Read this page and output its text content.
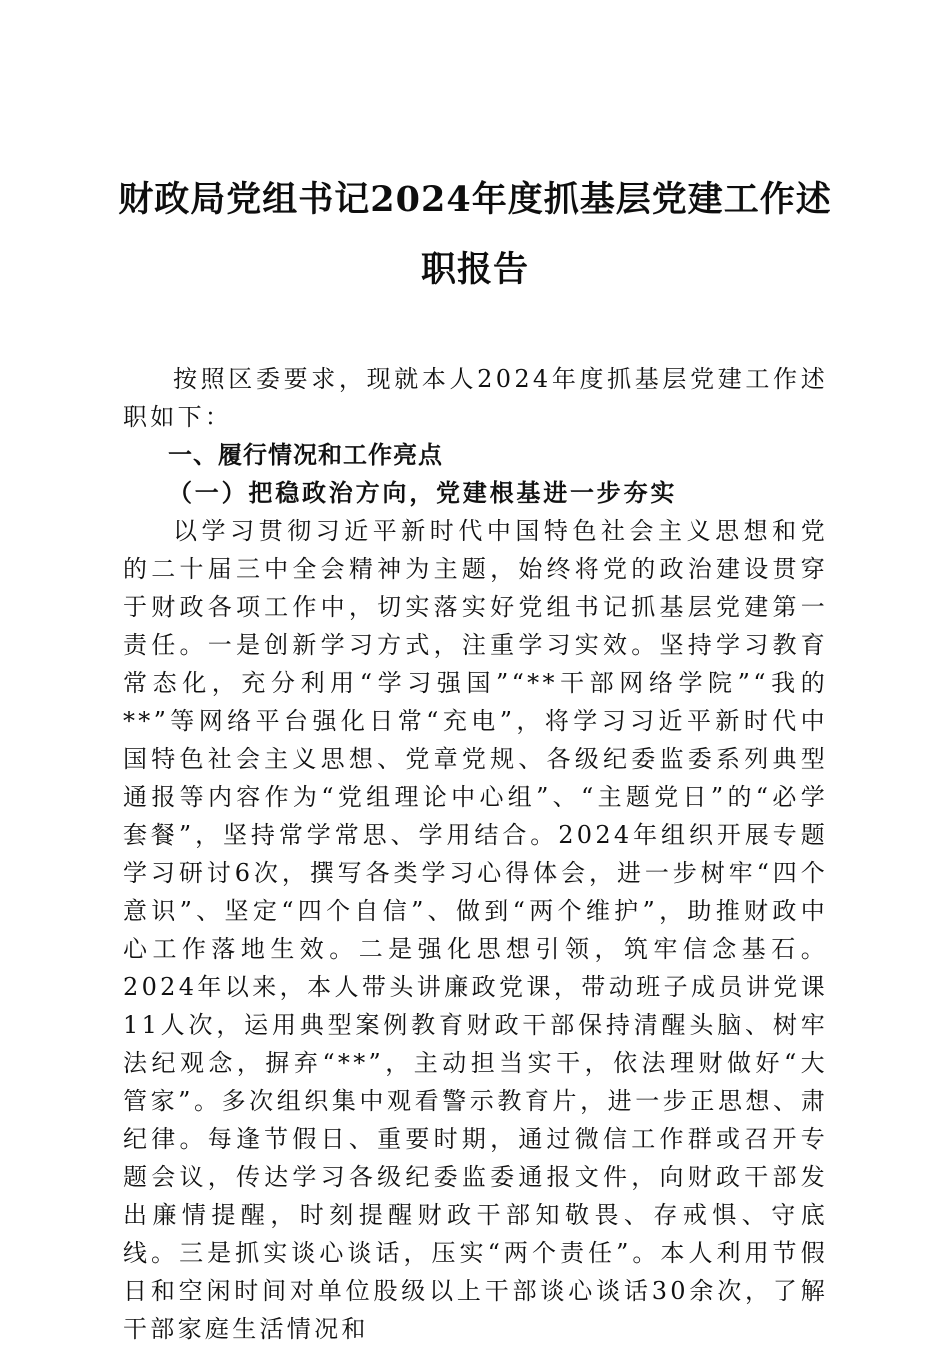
财政局党组书记2024年度抓基层党建工作述
职报告

按照区委要求，现就本人2024年度抓基层党建工作述职如下：

一、履行情况和工作亮点

（一）把稳政治方向，党建根基进一步夯实

以学习贯彻习近平新时代中国特色社会主义思想和党的二十届三中全会精神为主题，始终将党的政治建设贯穿于财政各项工作中，切实落实好党组书记抓基层党建第一责任。一是创新学习方式，注重学习实效。坚持学习教育常态化，充分利用“学习强国”“**干部网络学院”“我的**”等网络平台强化日常“充电”，将学习习近平新时代中国特色社会主义思想、党章党规、各级纪委监委系列典型通报等内容作为“党组理论中心组”、“主题党日”的“必学套餐”，坚持常学常思、学用结合。2024年组织开展专题学习研讨6次，撰写各类学习心得体会，进一步树牢“四个意识”、坚定“四个自信”、做到“两个维护”，助推财政中心工作落地生效。二是强化思想引领，筑牢信念基石。2024年以来，本人带头讲廉政党课，带动班子成员讲党课11人次，运用典型案例教育财政干部保持清醒头脑、树牢法纪观念，摒弃“**”，主动担当实干，依法理财做好“大管家”。多次组织集中观看警示教育片，进一步正思想、肃纪律。每逢节假日、重要时期，通过微信工作群或召开专题会议，传达学习各级纪委监委通报文件，向财政干部发出廉情提醒，时刻提醒财政干部知敬畏、存戒惧、守底线。三是抓实谈心谈话，压实“两个责任”。本人利用节假日和空闲时间对单位股级以上干部谈心谈话30余次，了解干部家庭生活情况和
